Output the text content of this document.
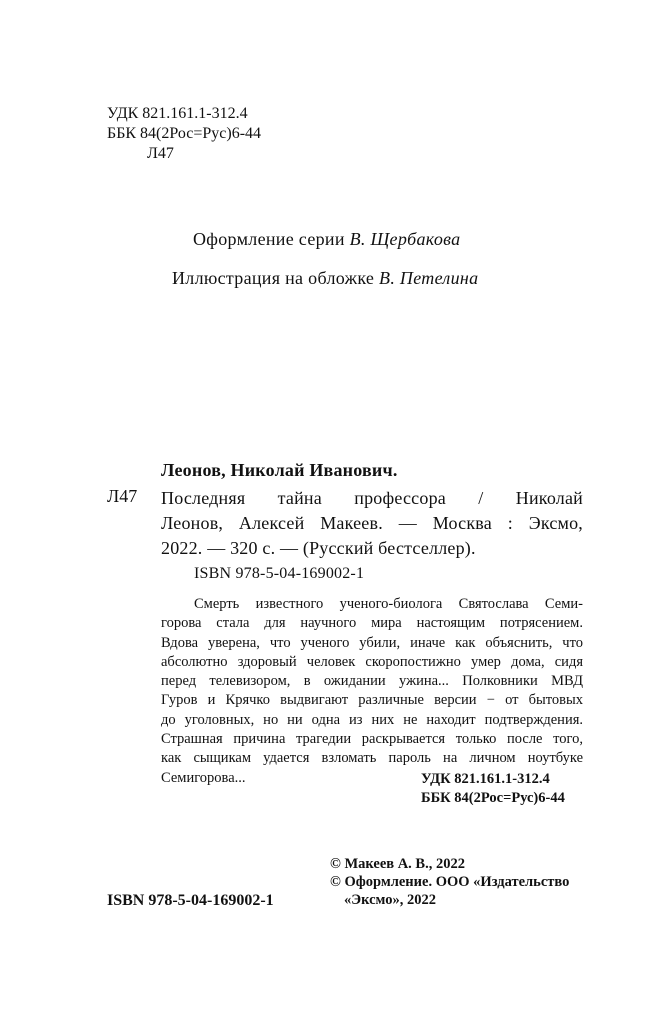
УДК 821.161.1-312.4
ББК 84(2Рос=Рус)6-44
Л47
Оформление серии В. Щербакова
Иллюстрация на обложке В. Петелина
Леонов, Николай Иванович.
Л47 Последняя тайна профессора / Николай
Леонов, Алексей Макеев. — Москва : Эксмо,
2022. — 320 с. — (Русский бестселлер).
ISBN 978-5-04-169002-1
Смерть известного ученого-биолога Святослава Семи-
горова стала для научного мира настоящим потрясением.
Вдова уверена, что ученого убили, иначе как объяснить, что
абсолютно здоровый человек скоропостижно умер дома, сидя
перед телевизором, в ожидании ужина... Полковники МВД
Гуров и Крячко выдвигают различные версии − от бытовых
до уголовных, но ни одна из них не находит подтверждения.
Страшная причина трагедии раскрывается только после того,
как сыщикам удается взломать пароль на личном ноутбуке
Семигорова...	УДК 821.161.1-312.4
ББК 84(2Рос=Рус)6-44
© Макеев А. В., 2022
© Оформление. ООО «Издательство
«Эксмо», 2022
ISBN 978-5-04-169002-1
